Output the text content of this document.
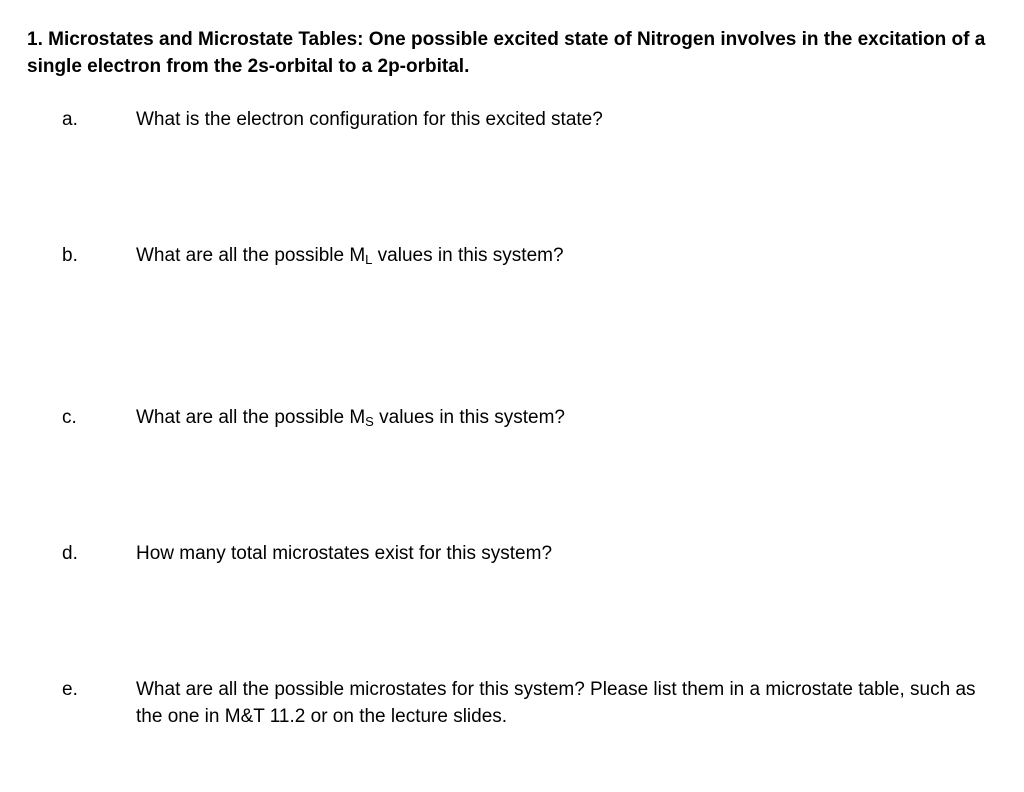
1. Microstates and Microstate Tables: One possible excited state of Nitrogen involves in the excitation of a single electron from the 2s-orbital to a 2p-orbital.

a.	What is the electron configuration for this excited state?
b.	What are all the possible $M_L$ values in this system?
c.	What are all the possible $M_S$ values in this system?
d.	How many total microstates exist for this system?
e.	What are all the possible microstates for this system? Please list them in a microstate table, such as the one in M&T 11.2 or on the lecture slides.
